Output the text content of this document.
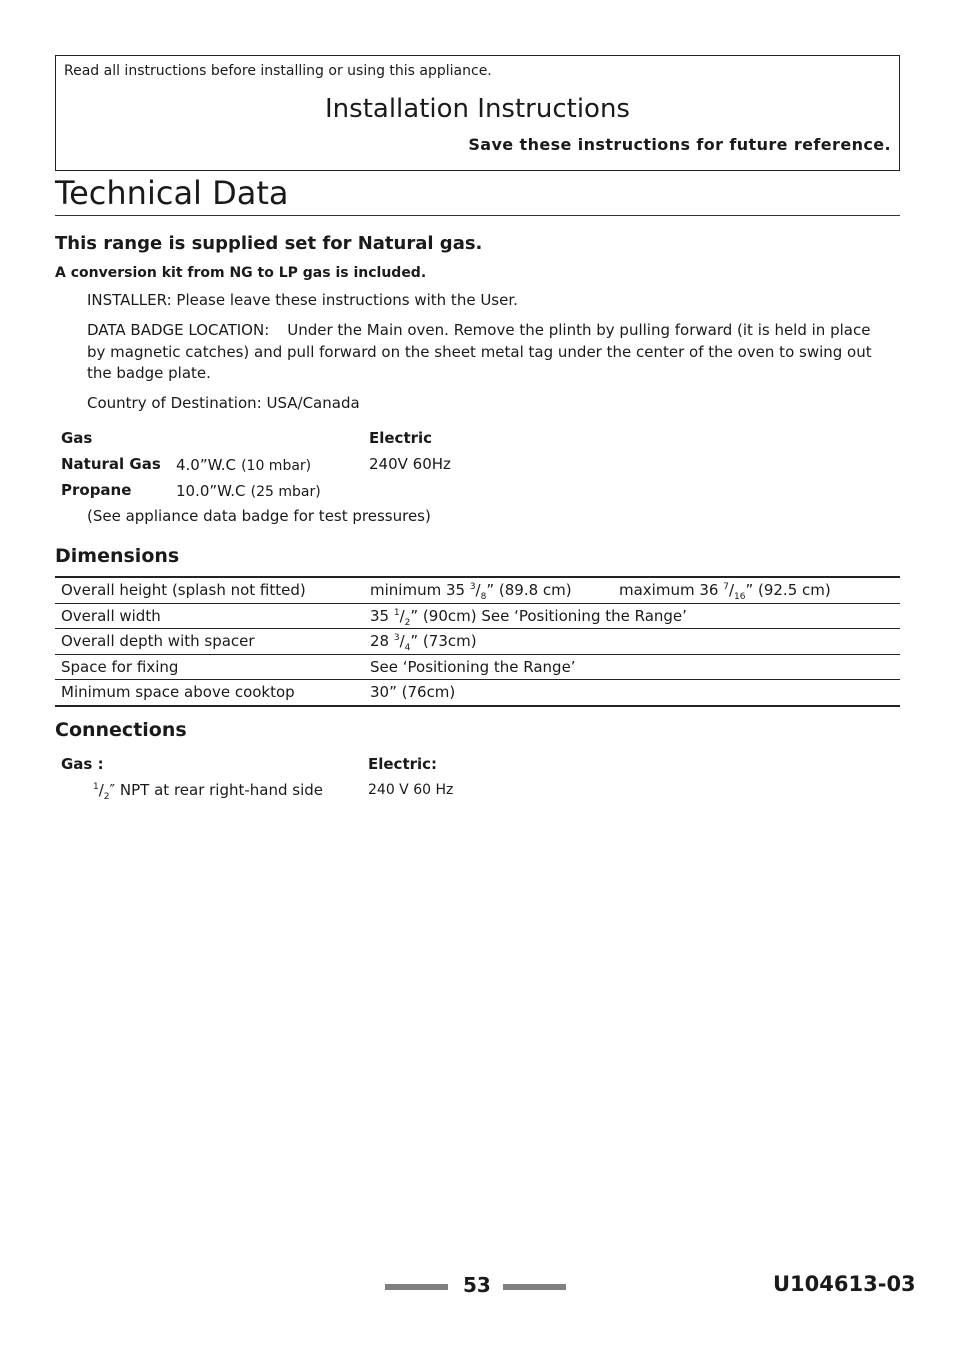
Read all instructions before installing or using this appliance.
Installation Instructions
Save these instructions for future reference.
Technical Data
This range is supplied set for Natural gas.
A conversion kit from NG to LP gas is included.
INSTALLER: Please leave these instructions with the User.
DATA BADGE LOCATION: Under the Main oven. Remove the plinth by pulling forward (it is held in place by magnetic catches) and pull forward on the sheet metal tag under the center of the oven to swing out the badge plate.
Country of Destination: USA/Canada
Gas	Electric
Natural Gas 4.0”W.C (10 mbar)	240V 60Hz
Propane	10.0”W.C (25 mbar)
(See appliance data badge for test pressures)
Dimensions
Overall height (splash not fitted)	minimum 35 $^3/_8$” (89.8 cm)	maximum 36 $^7/_{16}$” (92.5 cm)
Overall width	35 $^1/_2$” (90cm) See ‘Positioning the Range’
Overall depth with spacer	28 $^3/_4$” (73cm)
Space for fixing	See ‘Positioning the Range’
Minimum space above cooktop	30” (76cm)
Connections
Gas :	Electric:
$^1/_2''$ NPT at rear right-hand side	240 V 60 Hz
53	U104613-03
